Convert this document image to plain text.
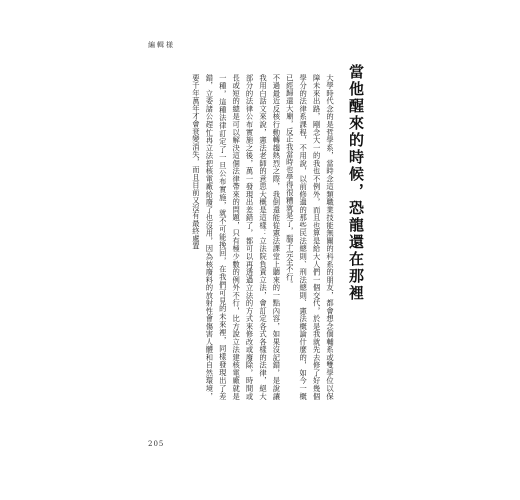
編輯様
當他醒來的時候，恐龍還在那裡

大學時代念的是哲學系，當時念這類職業技能無關的科系的朋友，都會想念個輔系或雙學位以保障未來出路，剛念大一的我也不例外，而且也算是給大人們一個交代，於是我就先去修了好幾個學分的法律系課程，不用說，以前修過的那些民法總則、刑法總則、憲法概論什麼的，如今一概已經歸還大廟，反正我當時也學得很糟就是了，腦子完全不行。

不過最近反核行動轉趨熱烈之際，我倒還能從憲法課堂上聽來的一點內容，如果沒記錯，是說讓我用白話文來說，憲法老師的意思大概是這樣：立法院負責立法，會訂定各式各樣的法律，絕大部分的法律公布實施之後，萬一發現出差錯了，都可以再透過立法的方式來修改或廢除，時間或長或短的總是可以解決這個法律帶來的問題，只有極少數的例外不行，比方說立法建核電廠就是一種，這種法律訂定了一旦公布實施，就不可能挽回，在我們可見的未來裡，同樣發現出了差錯，立委諸公趕忙再立法把核電廠給廢了也沒用，因為核廢料的放射性會傷害人體和自然環境，要千年萬年才會衰變消失，而且目前又沒有最終處置

205
